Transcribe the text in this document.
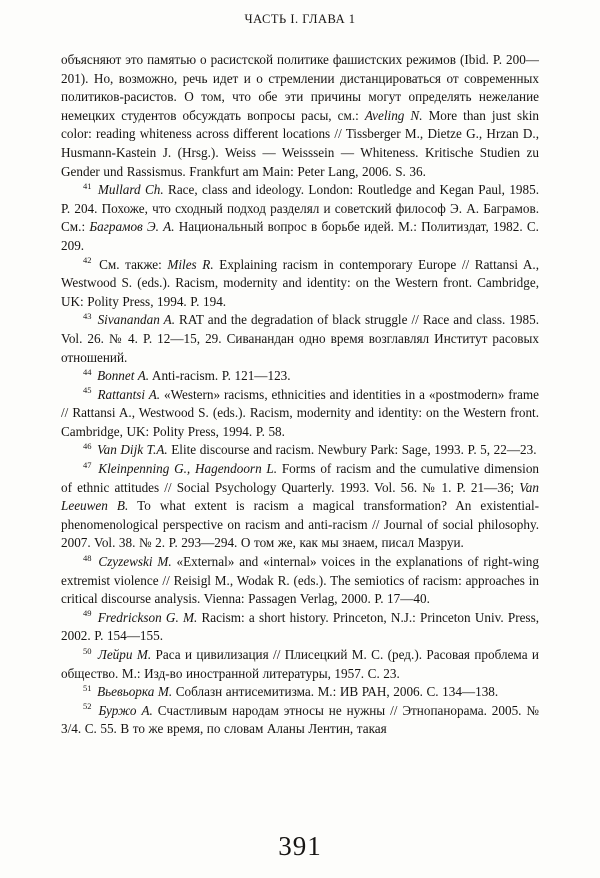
ЧАСТЬ I. ГЛАВА 1

объясняют это памятью о расистской политике фашистских режимов (Ibid. P. 200—201). Но, возможно, речь идет и о стремлении дистанцироваться от современных политиков-расистов. О том, что обе эти причины могут определять нежелание немецких студентов обсуждать вопросы расы, см.: Aveling N. More than just skin color: reading whiteness across different locations // Tissberger M., Dietze G., Hrzan D., Husmann-Kastein J. (Hrsg.). Weiss — Weisssein — Whiteness. Kritische Studien zu Gender und Rassismus. Frankfurt am Main: Peter Lang, 2006. S. 36.

$^{41}$ Mullard Ch. Race, class and ideology. London: Routledge and Kegan Paul, 1985. P. 204. Похоже, что сходный подход разделял и советский философ Э. А. Баграмов. См.: Баграмов Э. А. Национальный вопрос в борьбе идей. М.: Политиздат, 1982. С. 209.

$^{42}$ См. также: Miles R. Explaining racism in contemporary Europe // Rattansi A., Westwood S. (eds.). Racism, modernity and identity: on the Western front. Cambridge, UK: Polity Press, 1994. P. 194.

$^{43}$ Sivanandan A. RAT and the degradation of black struggle // Race and class. 1985. Vol. 26. № 4. P. 12—15, 29. Сиванандан одно время возглавлял Институт расовых отношений.

$^{44}$ Bonnet A. Anti-racism. P. 121—123.

$^{45}$ Rattantsi A. «Western» racisms, ethnicities and identities in a «postmodern» frame // Rattansi A., Westwood S. (eds.). Racism, modernity and identity: on the Western front. Cambridge, UK: Polity Press, 1994. P. 58.

$^{46}$ Van Dijk T.A. Elite discourse and racism. Newbury Park: Sage, 1993. P. 5, 22—23.

$^{47}$ Kleinpenning G., Hagendoorn L. Forms of racism and the cumulative dimension of ethnic attitudes // Social Psychology Quarterly. 1993. Vol. 56. № 1. P. 21—36; Van Leeuwen B. To what extent is racism a magical transformation? An existential-phenomenological perspective on racism and anti-racism // Journal of social philosophy. 2007. Vol. 38. № 2. P. 293—294. О том же, как мы знаем, писал Мазруи.

$^{48}$ Czyzewski M. «External» and «internal» voices in the explanations of right-wing extremist violence // Reisigl M., Wodak R. (eds.). The semiotics of racism: approaches in critical discourse analysis. Vienna: Passagen Verlag, 2000. P. 17—40.

$^{49}$ Fredrickson G. M. Racism: a short history. Princeton, N.J.: Princeton Univ. Press, 2002. P. 154—155.

$^{50}$ Лейри М. Раса и цивилизация // Плисецкий М. С. (ред.). Расовая проблема и общество. М.: Изд-во иностранной литературы, 1957. С. 23.

$^{51}$ Вьевьорка М. Соблазн антисемитизма. М.: ИВ РАН, 2006. С. 134—138.

$^{52}$ Буржо А. Счастливым народам этносы не нужны // Этнопанорама. 2005. № 3/4. С. 55. В то же время, по словам Аланы Лентин, такая

391
